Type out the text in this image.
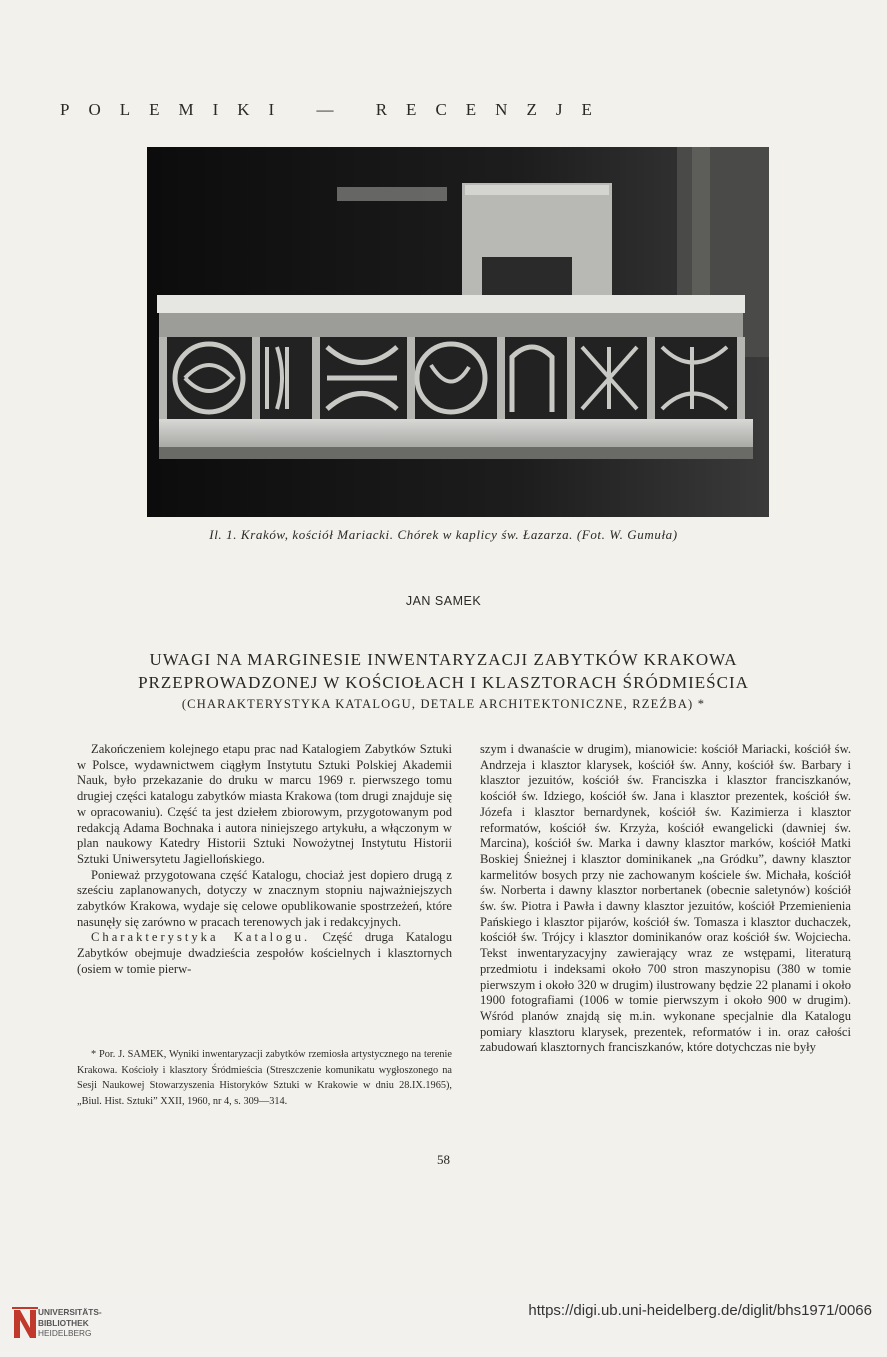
POLEMIKI — RECENZJE
Il. 1. Kraków, kościół Mariacki. Chórek w kaplicy św. Łazarza. (Fot. W. Gumuła)
JAN SAMEK
UWAGI NA MARGINESIE INWENTARYZACJI ZABYTKÓW KRAKOWA
PRZEPROWADZONEJ W KOŚCIOŁACH I KLASZTORACH ŚRÓDMIEŚCIA
(CHARAKTERYSTYKA KATALOGU, DETALE ARCHITEKTONICZNE, RZEŹBA) *

Zakończeniem kolejnego etapu prac nad Katalogiem Zabytków Sztuki w Polsce, wydawnictwem ciągłym Instytutu Sztuki Polskiej Akademii Nauk, było przekazanie do druku w marcu 1969 r. pierwszego tomu drugiej części katalogu zabytków miasta Krakowa (tom drugi znajduje się w opracowaniu). Część ta jest dziełem zbiorowym, przygotowanym pod redakcją Adama Bochnaka i autora niniejszego artykułu, a włączonym w plan naukowy Katedry Historii Sztuki Nowożytnej Instytutu Historii Sztuki Uniwersytetu Jagiellońskiego.

Ponieważ przygotowana część Katalogu, chociaż jest dopiero drugą z sześciu zaplanowanych, dotyczy w znacznym stopniu najważniejszych zabytków Krakowa, wydaje się celowe opublikowanie spostrzeżeń, które nasunęły się zarówno w pracach terenowych jak i redakcyjnych.

Charakterystyka Katalogu. Część druga Katalogu Zabytków obejmuje dwadzieścia zespołów kościelnych i klasztornych (osiem w tomie pierw-

szym i dwanaście w drugim), mianowicie: kościół Mariacki, kościół św. Andrzeja i klasztor klarysek, kościół św. Anny, kościół św. Barbary i klasztor jezuitów, kościół św. Franciszka i klasztor franciszkanów, kościół św. Idziego, kościół św. Jana i klasztor prezentek, kościół św. Józefa i klasztor bernardynek, kościół św. Kazimierza i klasztor reformatów, kościół św. Krzyża, kościół ewangelicki (dawniej św. Marcina), kościół św. Marka i dawny klasztor marków, kościół Matki Boskiej Śnieżnej i klasztor dominikanek „na Gródku”, dawny klasztor karmelitów bosych przy nie zachowanym kościele św. Michała, kościół św. Norberta i dawny klasztor norbertanek (obecnie saletynów) kościół św. św. Piotra i Pawła i dawny klasztor jezuitów, kościół Przemienienia Pańskiego i klasztor pijarów, kościół św. Tomasza i klasztor duchaczek, kościół św. Trójcy i klasztor dominikanów oraz kościół św. Wojciecha. Tekst inwentaryzacyjny zawierający wraz ze wstępami, literaturą przedmiotu i indeksami około 700 stron maszynopisu (380 w tomie pierwszym i około 320 w drugim) ilustrowany będzie 22 planami i około 1900 fotografiami (1006 w tomie pierwszym i około 900 w drugim). Wśród planów znajdą się m.in. wykonane specjalnie dla Katalogu pomiary klasztoru klarysek, prezentek, reformatów i in. oraz całości zabudowań klasztornych franciszkanów, które dotychczas nie były

* Por. J. SAMEK, Wyniki inwentaryzacji zabytków rzemiosła artystycznego na terenie Krakowa. Kościoły i klasztory Śródmieścia (Streszczenie komunikatu wygłoszonego na Sesji Naukowej Stowarzyszenia Historyków Sztuki w Krakowie w dniu 28.IX.1965), „Biul. Hist. Sztuki” XXII, 1960, nr 4, s. 309—314.

58
UNIVERSITÄTS-
BIBLIOTHEK
HEIDELBERG
https://digi.ub.uni-heidelberg.de/diglit/bhs1971/0066
